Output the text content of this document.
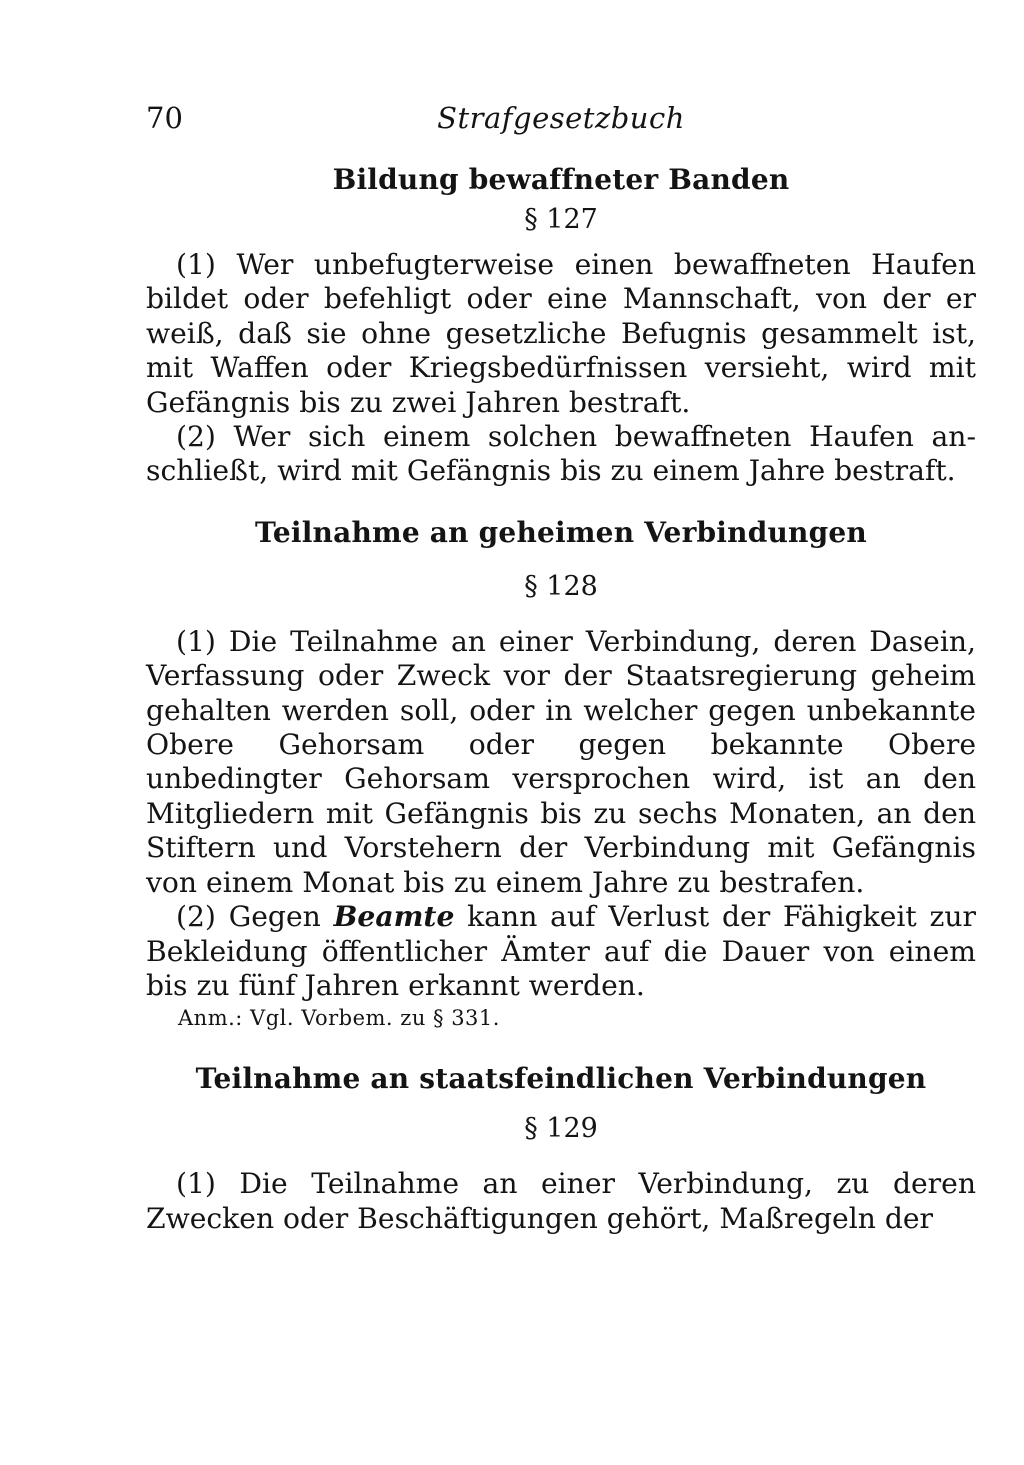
70	Strafgesetzbuch
Bildung bewaffneter Banden
§ 127

(1) Wer unbefugterweise einen bewaffneten Haufen bildet oder befehligt oder eine Mannschaft, von der er weiß, daß sie ohne gesetzliche Befugnis gesammelt ist, mit Waffen oder Kriegsbedürfnissen versieht, wird mit Gefängnis bis zu zwei Jahren bestraft.

(2) Wer sich einem solchen bewaffneten Haufen anschließt, wird mit Gefängnis bis zu einem Jahre bestraft.

Teilnahme an geheimen Verbindungen
§ 128

(1) Die Teilnahme an einer Verbindung, deren Dasein, Verfassung oder Zweck vor der Staatsregierung geheim gehalten werden soll, oder in welcher gegen unbekannte Obere Gehorsam oder gegen bekannte Obere unbedingter Gehorsam versprochen wird, ist an den Mitgliedern mit Gefängnis bis zu sechs Monaten, an den Stiftern und Vorstehern der Verbindung mit Gefängnis von einem Monat bis zu einem Jahre zu bestrafen.

(2) Gegen Beamte kann auf Verlust der Fähigkeit zur Bekleidung öffentlicher Ämter auf die Dauer von einem bis zu fünf Jahren erkannt werden.

Anm.: Vgl. Vorbem. zu § 331.

Teilnahme an staatsfeindlichen Verbindungen
§ 129

(1) Die Teilnahme an einer Verbindung, zu deren Zwecken oder Beschäftigungen gehört, Maßregeln der
